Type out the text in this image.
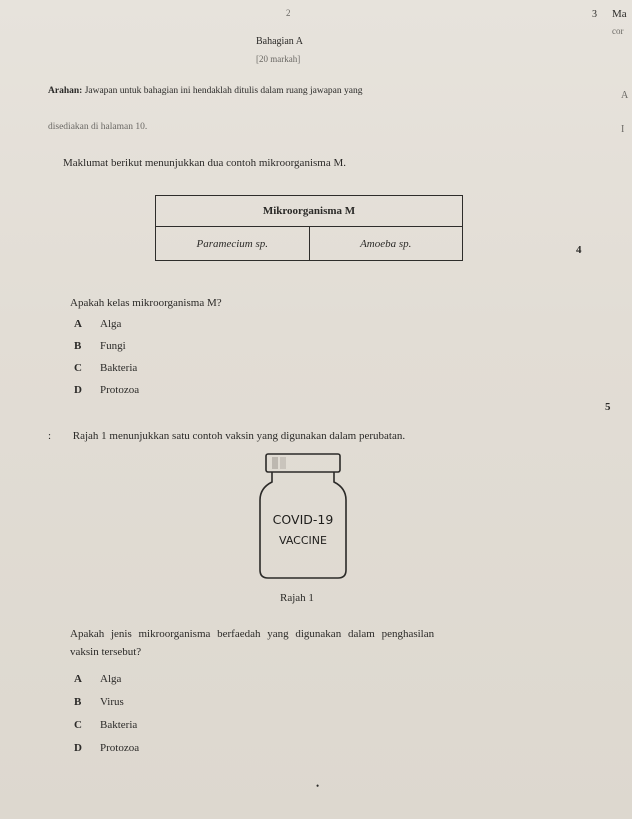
2	3 Ma
cor
Bahagian A
[20 markah]
Arahan: Jawapan untuk bahagian ini hendaklah ditulis dalam ruang jawapan yang
disediakan di halaman 10.
A
I
Maklumat berikut menunjukkan dua contoh mikroorganisma M.
Mikroorganisma M
Paramecium sp.	Amoeba sp.
4
Apakah kelas mikroorganisma M?
A Alga
B Fungi
C Bakteria
D Protozoa
5
: Rajah 1 menunjukkan satu contoh vaksin yang digunakan dalam perubatan.
COVID-19
VACCINE
Rajah 1
Apakah jenis mikroorganisma berfaedah yang digunakan dalam penghasilan
vaksin tersebut?
A Alga
B Virus
C Bakteria
D Protozoa
•
